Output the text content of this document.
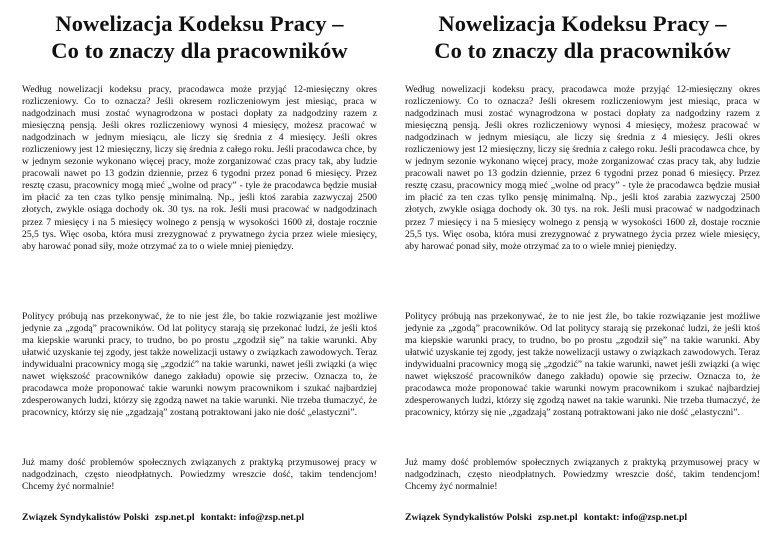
Nowelizacja Kodeksu Pracy –
Co to znaczy dla pracowników

Według nowelizacji kodeksu pracy, pracodawca może przyjąć 12-miesięczny okres rozliczeniowy. Co to oznacza? Jeśli okresem rozliczeniowym jest miesiąc, praca w nadgodzinach musi zostać wynagrodzona w postaci dopłaty za nadgodziny razem z miesięczną pensją. Jeśli okres rozliczeniowy wynosi 4 miesięcy, możesz pracować w nadgodzinach w jednym miesiącu, ale liczy się średnia z 4 miesięcy. Jeśli okres rozliczeniowy jest 12 miesięczny, liczy się średnia z całego roku. Jeśli pracodawca chce, by w jednym sezonie wykonano więcej pracy, może zorganizować czas pracy tak, aby ludzie pracowali nawet po 13 godzin dziennie, przez 6 tygodni przez ponad 6 miesięcy. Przez resztę czasu, pracownicy mogą mieć „wolne od pracy” - tyle że pracodawca będzie musiał im płacić za ten czas tylko pensję minimalną. Np., jeśli ktoś zarabia zazwyczaj 2500 złotych, zwykle osiąga dochody ok. 30 tys. na rok. Jeśli musi pracować w nadgodzinach przez 7 miesięcy i na 5 miesięcy wolnego z pensją w wysokości 1600 zł, dostaje rocznie 25,5 tys. Więc osoba, która musi zrezygnować z prywatnego życia przez wiele miesięcy, aby harować ponad siły, może otrzymać za to o wiele mniej pieniędzy.

Politycy próbują nas przekonywać, że to nie jest źle, bo takie rozwiązanie jest możliwe jedynie za „zgodą” pracowników. Od lat politycy starają się przekonać ludzi, że jeśli ktoś ma kiepskie warunki pracy, to trudno, bo po prostu „zgodził się” na takie warunki. Aby ułatwić uzyskanie tej zgody, jest także nowelizacji ustawy o związkach zawodowych. Teraz indywidualni pracownicy mogą się „zgodzić” na takie warunki, nawet jeśli związki (a więc nawet większość pracowników danego zakładu) opowie się przeciw. Oznacza to, że pracodawca może proponować takie warunki nowym pracownikom i szukać najbardziej zdesperowanych ludzi, którzy się zgodzą nawet na takie warunki. Nie trzeba tłumaczyć, że pracownicy, którzy się nie „zgadzają” zostaną potraktowani jako nie dość „elastyczni”.

Już mamy dość problemów społecznych związanych z praktyką przymusowej pracy w nadgodzinach, często nieodpłatnych. Powiedzmy wreszcie dość, takim tendencjom! Chcemy żyć normalnie!

Związek Syndykalistów Polski zsp.net.pl kontakt: info@zsp.net.pl

Nowelizacja Kodeksu Pracy –
Co to znaczy dla pracowników

Według nowelizacji kodeksu pracy, pracodawca może przyjąć 12-miesięczny okres rozliczeniowy. Co to oznacza? Jeśli okresem rozliczeniowym jest miesiąc, praca w nadgodzinach musi zostać wynagrodzona w postaci dopłaty za nadgodziny razem z miesięczną pensją. Jeśli okres rozliczeniowy wynosi 4 miesięcy, możesz pracować w nadgodzinach w jednym miesiącu, ale liczy się średnia z 4 miesięcy. Jeśli okres rozliczeniowy jest 12 miesięczny, liczy się średnia z całego roku. Jeśli pracodawca chce, by w jednym sezonie wykonano więcej pracy, może zorganizować czas pracy tak, aby ludzie pracowali nawet po 13 godzin dziennie, przez 6 tygodni przez ponad 6 miesięcy. Przez resztę czasu, pracownicy mogą mieć „wolne od pracy” - tyle że pracodawca będzie musiał im płacić za ten czas tylko pensję minimalną. Np., jeśli ktoś zarabia zazwyczaj 2500 złotych, zwykle osiąga dochody ok. 30 tys. na rok. Jeśli musi pracować w nadgodzinach przez 7 miesięcy i na 5 miesięcy wolnego z pensją w wysokości 1600 zł, dostaje rocznie 25,5 tys. Więc osoba, która musi zrezygnować z prywatnego życia przez wiele miesięcy, aby harować ponad siły, może otrzymać za to o wiele mniej pieniędzy.

Politycy próbują nas przekonywać, że to nie jest źle, bo takie rozwiązanie jest możliwe jedynie za „zgodą” pracowników. Od lat politycy starają się przekonać ludzi, że jeśli ktoś ma kiepskie warunki pracy, to trudno, bo po prostu „zgodził się” na takie warunki. Aby ułatwić uzyskanie tej zgody, jest także nowelizacji ustawy o związkach zawodowych. Teraz indywidualni pracownicy mogą się „zgodzić” na takie warunki, nawet jeśli związki (a więc nawet większość pracowników danego zakładu) opowie się przeciw. Oznacza to, że pracodawca może proponować takie warunki nowym pracownikom i szukać najbardziej zdesperowanych ludzi, którzy się zgodzą nawet na takie warunki. Nie trzeba tłumaczyć, że pracownicy, którzy się nie „zgadzają” zostaną potraktowani jako nie dość „elastyczni”.

Już mamy dość problemów społecznych związanych z praktyką przymusowej pracy w nadgodzinach, często nieodpłatnych. Powiedzmy wreszcie dość, takim tendencjom! Chcemy żyć normalnie!

Związek Syndykalistów Polski zsp.net.pl kontakt: info@zsp.net.pl
